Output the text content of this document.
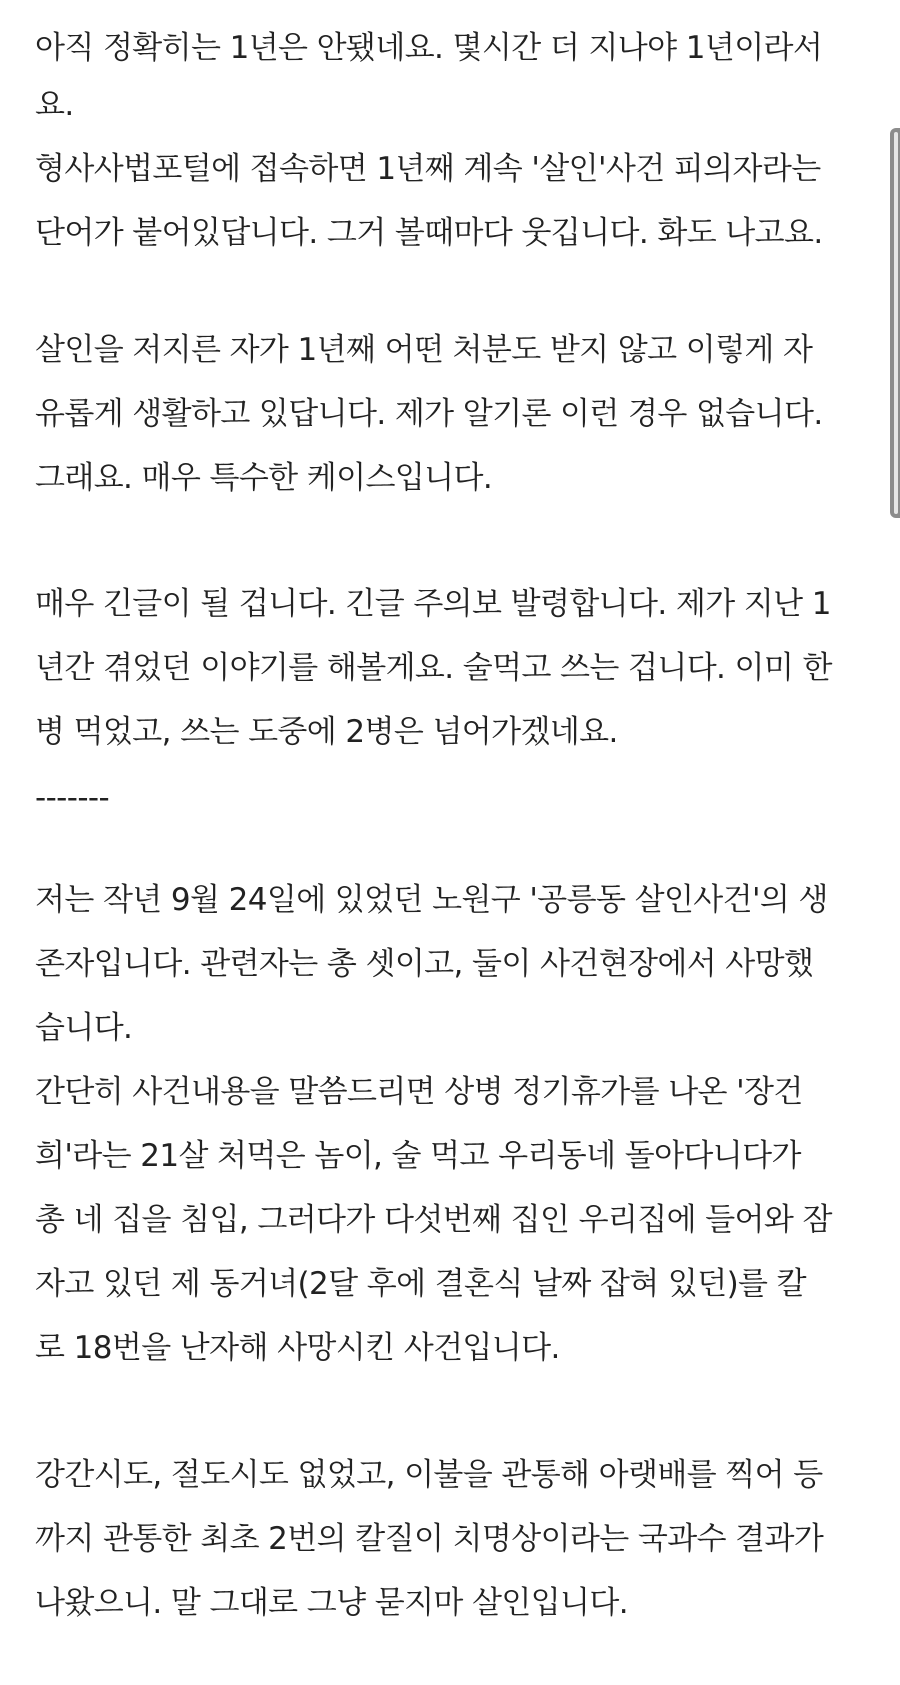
아직 정확히는 1년은 안됐네요. 몇시간 더 지나야 1년이라서
요.
형사사법포털에 접속하면 1년째 계속 '살인'사건 피의자라는
단어가 붙어있답니다. 그거 볼때마다 웃깁니다. 화도 나고요.
살인을 저지른 자가 1년째 어떤 처분도 받지 않고 이렇게 자
유롭게 생활하고 있답니다. 제가 알기론 이런 경우 없습니다.
그래요. 매우 특수한 케이스입니다.
매우 긴글이 될 겁니다. 긴글 주의보 발령합니다. 제가 지난 1
년간 겪었던 이야기를 해볼게요. 술먹고 쓰는 겁니다. 이미 한
병 먹었고, 쓰는 도중에 2병은 넘어가겠네요.
-------
저는 작년 9월 24일에 있었던 노원구 '공릉동 살인사건'의 생
존자입니다. 관련자는 총 셋이고, 둘이 사건현장에서 사망했
습니다.
간단히 사건내용을 말씀드리면 상병 정기휴가를 나온 '장건
희'라는 21살 처먹은 놈이, 술 먹고 우리동네 돌아다니다가
총 네 집을 침입, 그러다가 다섯번째 집인 우리집에 들어와 잠
자고 있던 제 동거녀(2달 후에 결혼식 날짜 잡혀 있던)를 칼
로 18번을 난자해 사망시킨 사건입니다.
강간시도, 절도시도 없었고, 이불을 관통해 아랫배를 찍어 등
까지 관통한 최초 2번의 칼질이 치명상이라는 국과수 결과가
나왔으니. 말 그대로 그냥 묻지마 살인입니다.
